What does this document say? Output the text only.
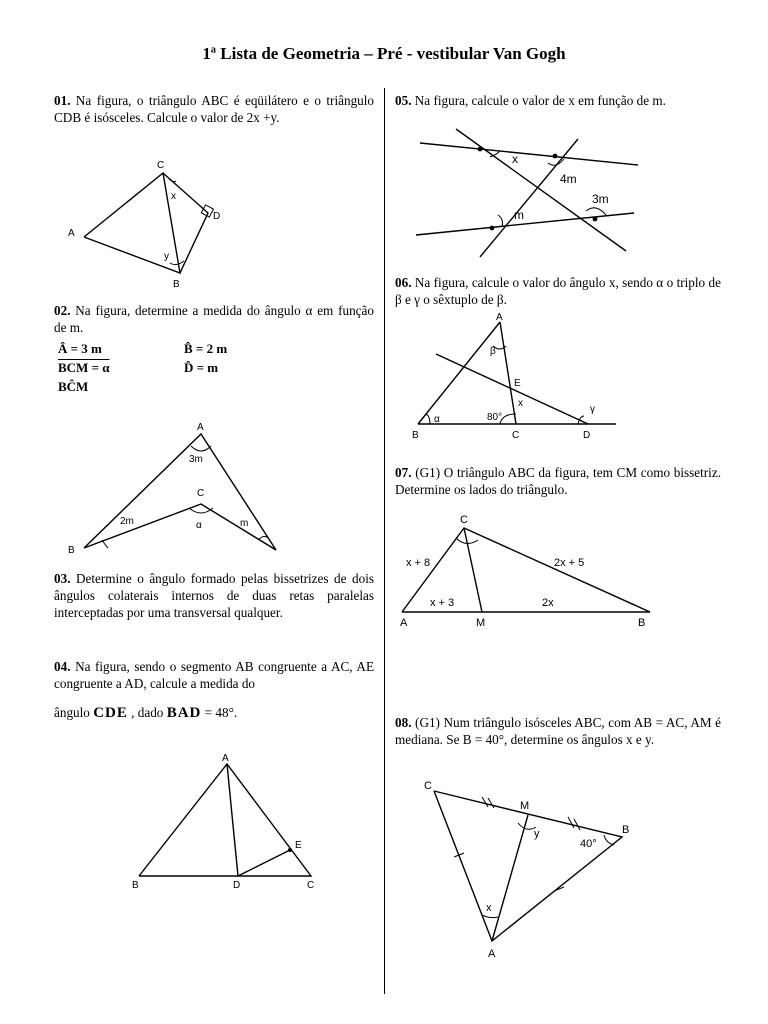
1ª Lista de Geometria – Pré - vestibular Van Gogh
01. Na figura, o triângulo ABC é eqüilátero e o triângulo CDB é isósceles. Calcule o valor de 2x +y.
C
A
B
D
x
y
02. Na figura, determine a medida do ângulo α em função de m.
Â = 3 m	B̂ = 2 m
BCM = α	D̂ = m
BĈM
A
B
C
3m
2m	α	m
03. Determine o ângulo formado pelas bissetrizes de dois ângulos colaterais internos de duas retas paralelas interceptadas por uma transversal qualquer.
04. Na figura, sendo o segmento AB congruente a AC, AE congruente a AD, calcule a medida do
ângulo CDE , dado BAD = 48°.
A
B	D	C
E
05. Na figura, calcule o valor de x em função de m.
x
4m
3m
m
06. Na figura, calcule o valor do ângulo x, sendo α o triplo de β e γ o sêxtuplo de β.
A
B	C	D
E
β
x
α	80°
γ
07. (G1) O triângulo ABC da figura, tem CM como bissetriz. Determine os lados do triângulo.
C
A	M	B
x + 8	2x + 5
x + 3	2x
08. (G1) Num triângulo isósceles ABC, com AB = AC, AM é mediana. Se B = 40°, determine os ângulos x e y.
C
M
B
A
x
y
40°
